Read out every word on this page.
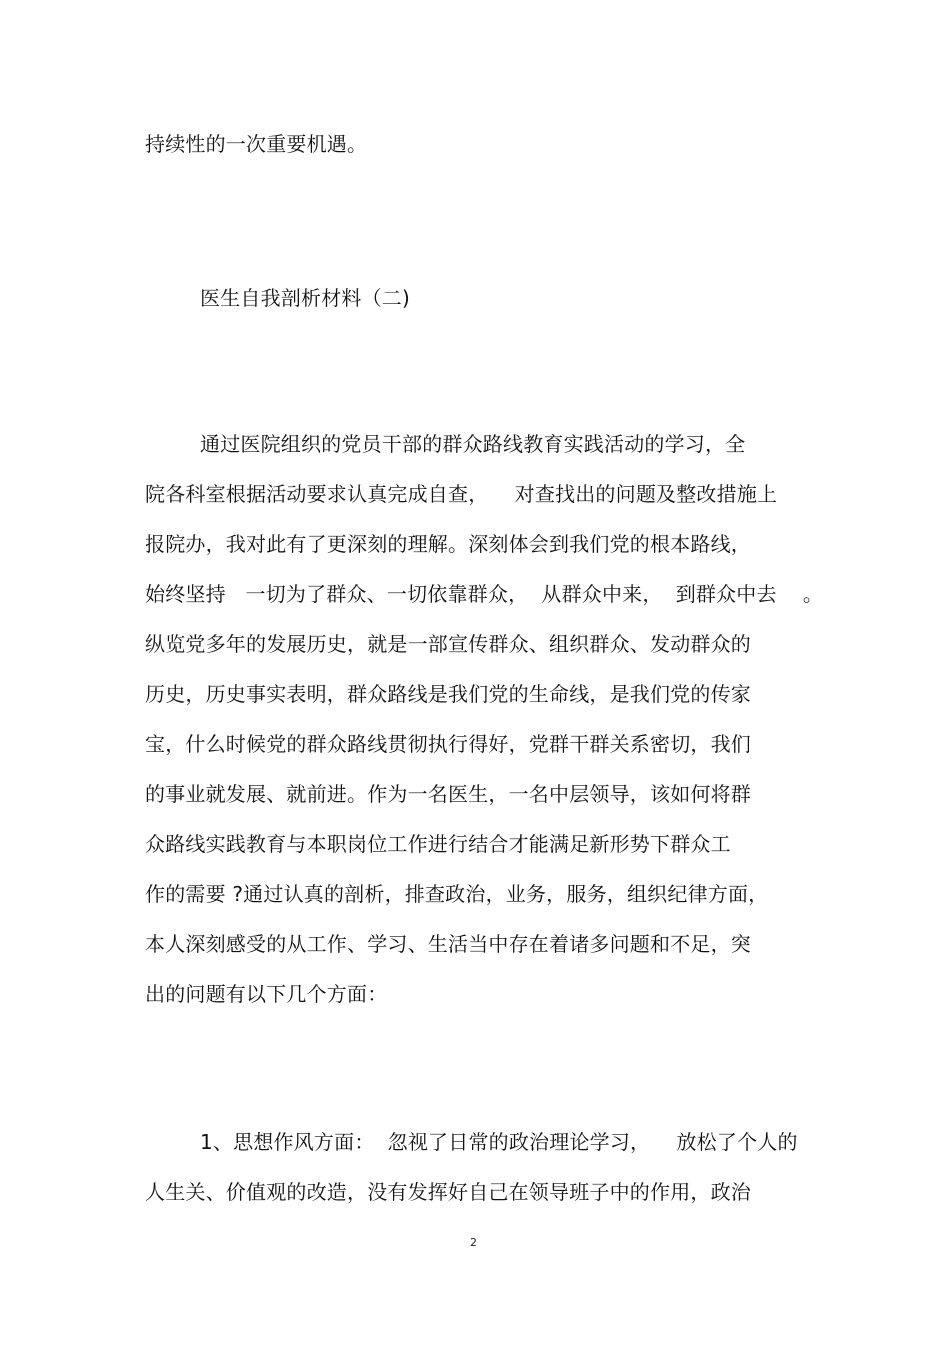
持续性的一次重要机遇。
医生自我剖析材料（二)
通过医院组织的党员干部的群众路线教育实践活动的学习，全
院各科室根据活动要求认真完成自查，    对查找出的问题及整改措施上
报院办，我对此有了更深刻的理解。深刻体会到我们党的根本路线，
始终坚持   一切为了群众、一切依靠群众，  从群众中来，  到群众中去    。
纵览党多年的发展历史，就是一部宣传群众、组织群众、发动群众的
历史，历史事实表明，群众路线是我们党的生命线，是我们党的传家
宝，什么时候党的群众路线贯彻执行得好，党群干群关系密切，我们
的事业就发展、就前进。作为一名医生，一名中层领导，该如何将群
众路线实践教育与本职岗位工作进行结合才能满足新形势下群众工
作的需要 ?通过认真的剖析，排查政治，业务，服务，组织纪律方面，
本人深刻感受的从工作、学习、生活当中存在着诸多问题和不足，突
出的问题有以下几个方面：
1、思想作风方面：  忽视了日常的政治理论学习，    放松了个人的
人生关、价值观的改造，没有发挥好自己在领导班子中的作用，政治
2
